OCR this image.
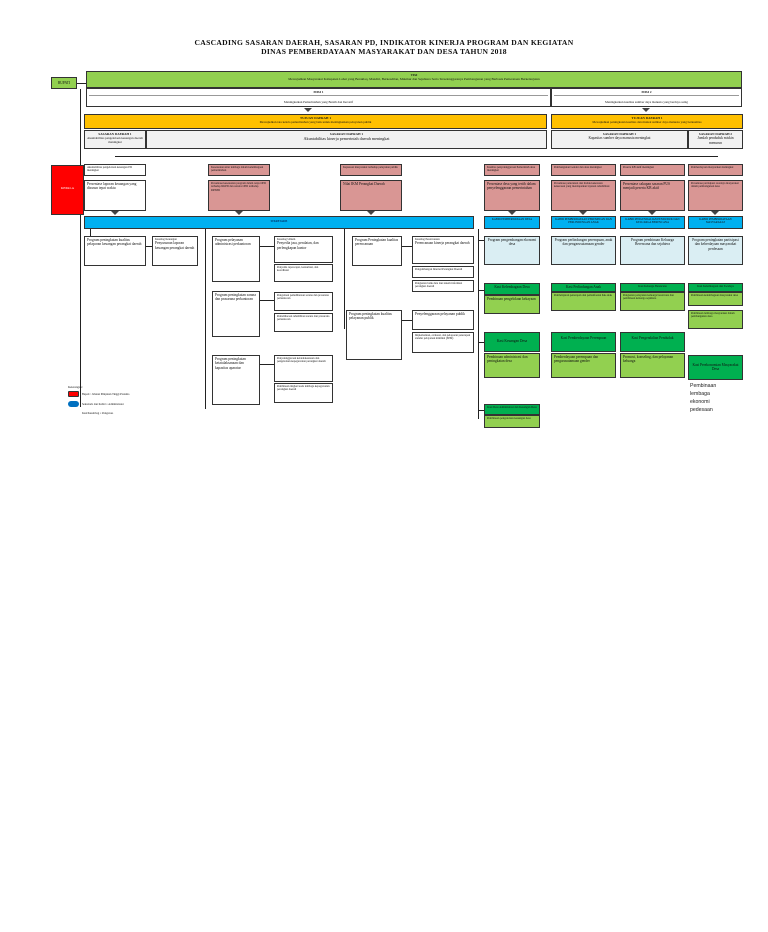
CASCADING SASARAN DAERAH, SASARAN PD, INDIKATOR KINERJA PROGRAM DAN KEGIATAN
DINAS PEMBERDAYAAN MASYARAKAT DAN DESA TAHUN 2018
BUPATI
VISI
Mewujudkan Masyarakat Kabupaten Lahat yang Beraklaq, Mandiri, Berkeadilan, Makmur dan Sejahtera Serta Terselenggaranya Pembangunan yang Berbasis Pemerataan Berkelanjutan
MISI 1
Meningkatkan Pemerintahan yang Bersih dan Inovatif
MISI 2
Meningkatkan kualitas sumber daya manusia yang berdaya saing
TUJUAN DAERAH 1
Mewujudkan tata kelola pemerintahan yang baik untuk meningkatkan pelayanan publik
TUJUAN DAERAH 1
Mewujudkan peningkatan kualitas dan mutual sumber daya manusia yang berkualitas
SASARAN DAERAH 1
Akuntabilitas pengelolaan keuangan daerah meningkat
SASARAN DAERAH 1
Akuntabilitas kinerja pemerintah daerah meningkat
SASARAN DAERAH 1
Kapasitas sumber daya manusia meningkat
SASARAN DAERAH 2
Jumlah penduduk miskin menurun
KEPALA
Akuntabilitas pengelolaan keuangan PD meningkat
Kesesuaian antar lembaga dalam kelembagaan pemerintahan
Kepuasan masyarakat terhadap pelayanan publik	Kualitas penyelenggaraan Pemerintah desa meningkat
Pembangunan Gender dan desa meningkat	Peserta KB aktif meningkat	Pemberdayaan masyarakat meningkat
Persentase laporan keuangan yang disusun tepat waktu
Persentase kesesuaian program dalam renja OPD terhadap RKPD dan renstra OPD terhadap RPJMD
Nilai IKM Perangkat Daerah	Persentase desa yang tertib dalam penyelenggaraan pemerintahan
Persentase penurunan dan tindak kekerasan kekerasan yang mendapatkan layanan rehabilitasi
Persentase cakupan sasaran PUS menjadi peserta KB aktif
Persentase partisipasi swadaya masyarakat dalam pembangunan desa
SEKRETARIS
KABID PEMBERDAYAAN DESA	KABID PEMBERDAYAAN PEREMPUAN DAN PERLINDUNGAN ANAK
KABID PENGENDALIAN PENDUDUK DAN KELUARGA BERENCANA
KABID PEMBERDAYAAN MASYARAKAT
Program peningkatan kualitas pelaporan keuangan perangkat daerah
Kasubag Keuangan
Penyusunan laporan keuangan perangkat daerah
Program pelayanan administrasi perkantoran
Kasubag Umum
Penyedia jasa, peralatan, dan perlengkapan kantor
Penyedia rapat-rapat, konsultasi, dan koordinasi
Program peningkatan sarana dan prasarana perkantoran
Pengadaan pemeliharaan sarana dan prasarana perkantoran
Pemeliharaan rehabilitasi sarana dan prasarana perkantoran
Program peningkatan ketatalaksanaan dan kapasitas aparatur
Penyelenggaraan ketatalaksanaan dan pengelolaan kepegawaian perangkat daerah
Pembinaan tingkat kode lembaga kepegawaian perangkat daerah
Program Peningkatan kualitas perencanaan
Kasubag Perencanaan
Perencanaan kinerja perangkat daerah
Pengembangan Internal Perangkat Daerah
Penguatan bank data dan sistem informasi perangkat daerah
Program peningkatan kualitas pelayanan publik
Penyelenggaraan pelayanan publik
Implementasi, evaluasi, dan pelaporan penerapan standar pelayanan minimal (SPM)
Program pengembangan ekonomi desa
Program perlindungan perempuan, anak dan pengarusutamaan gender
Program pembinaan Keluarga Berencana dan sejahtera
Program peningkatan partisipasi dan keberdayaan masyarakat perdesaan
Kasi Kelembagaan Desa
Pembinaan pengelolaan kekayaan
Kasi Perlindungan Anak
Pembelajaran penerapan dan pemanfaatan hak anak
Kasi Keluarga Berencana
Penguatan pelayanan keluarga berencana dan pembinaan keluarga sejahtera
Kasi Kelembagaan dan Swadaya
Pembinaan kelembagaan masyarakat desa
Pembinaan lembaga masyarakat dalam pembangunan desa
Kasi Keuangan Desa
Pembinaan administrasi dan peningkatan desa
Kasi Pemberdayaan Perempuan
Pemberdayaan perempuan dan pengarusutamaan gender
Kasi Pengendalian Penduduk
Promosi, konseling, dan pelayanan keluarga
Kasi Perekonomian Masyarakat Desa
Kasi Desa Administrasi dan Keuangan Desa
Pembinaan pengelolaan keuangan desa
Pembinaan
lembaga
ekonomi
pedesaan
Keterangan:
Bupati : Jabatan Pimpinan Tinggi Pratama
Sekretaris dan Kabid = Administrator
Kasi/Kasubbag = Pengawas
